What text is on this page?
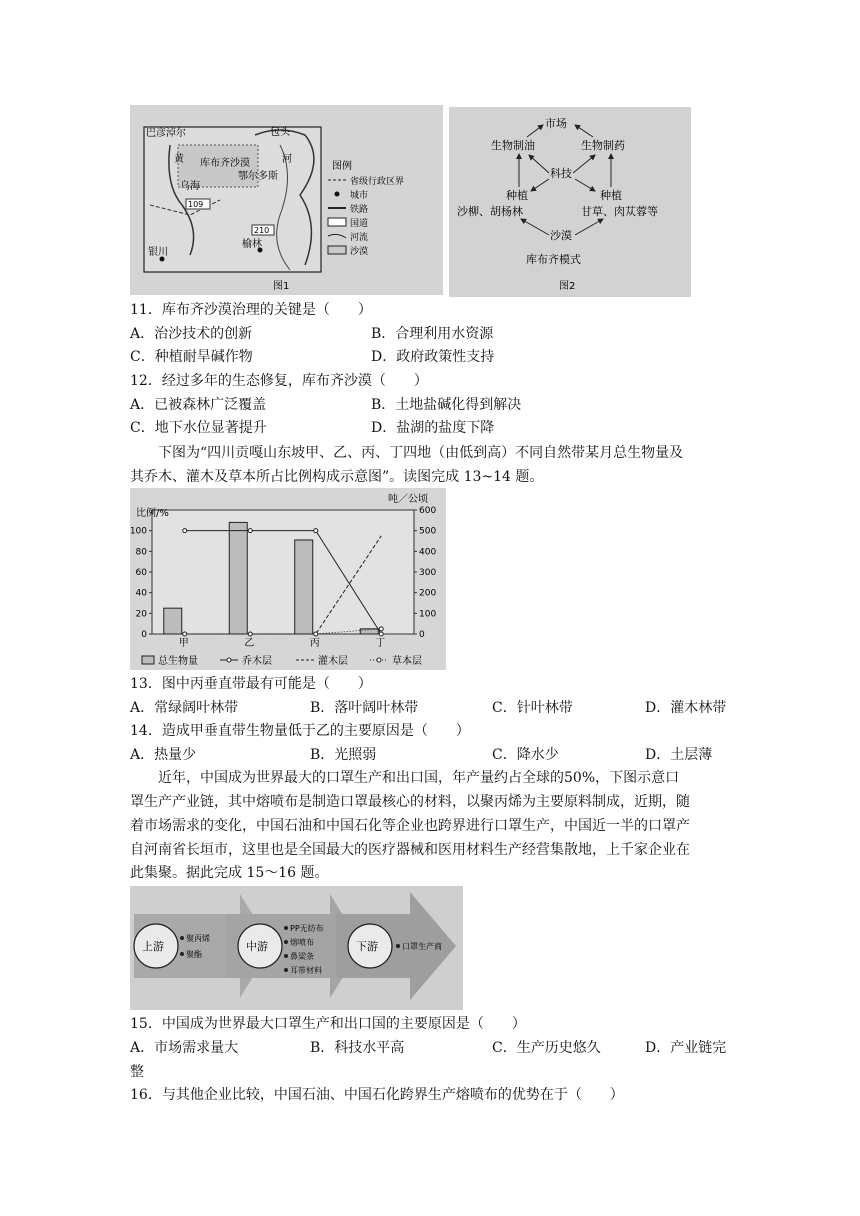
巴彦淖尔	包头
黄 库布齐沙漠	河
乌海
鄂尔多斯
109
210
银川
榆林
图例
省级行政区界
城市
铁路
国道
河流
沙漠
图1
市场
生物制油	生物制药
科技
种植
沙柳、胡杨林
种植
甘草、肉苁蓉等
沙漠
库布齐模式
图2
11．库布齐沙漠治理的关键是（　　）
A．治沙技术的创新	B．合理利用水资源
C．种植耐旱碱作物	D．政府政策性支持
12．经过多年的生态修复，库布齐沙漠（　　）
A．已被森林广泛覆盖	B．土地盐碱化得到解决
C．地下水位显著提升	D．盐湖的盐度下降
下图为“四川贡嘎山东坡甲、乙、丙、丁四地（由低到高）不同自然带某月总生物量及
其乔木、灌木及草本所占比例构成示意图”。读图完成 13~14 题。
比例/%
吨／公顷
0
20
40
60
80
100
0
100
200
300
400
500
600
甲	乙	丙	丁
总生物量	乔木层	灌木层	草本层
13．图中丙垂直带最有可能是（　　）
A．常绿阔叶林带	B．落叶阔叶林带	C．针叶林带	D．灌木林带
14．造成甲垂直带生物量低于乙的主要原因是（　　）
A．热量少	B．光照弱	C．降水少	D．土层薄
近年，中国成为世界最大的口罩生产和出口国，年产量约占全球的50%，下图示意口
罩生产产业链，其中熔喷布是制造口罩最核心的材料，以聚丙烯为主要原料制成，近期，随
着市场需求的变化，中国石油和中国石化等企业也跨界进行口罩生产，中国近一半的口罩产
自河南省长垣市，这里也是全国最大的医疗器械和医用材料生产经营集散地，上千家企业在
此集聚。据此完成 15～16 题。
上游
聚丙烯
聚酯
中游
PP无纺布
熔喷布
鼻梁条
耳带材料
下游	口罩生产商
15．中国成为世界最大口罩生产和出口国的主要原因是（　　）
A．市场需求量大	B．科技水平高	C．生产历史悠久	D．产业链完
整
16．与其他企业比较，中国石油、中国石化跨界生产熔喷布的优势在于（　　）
